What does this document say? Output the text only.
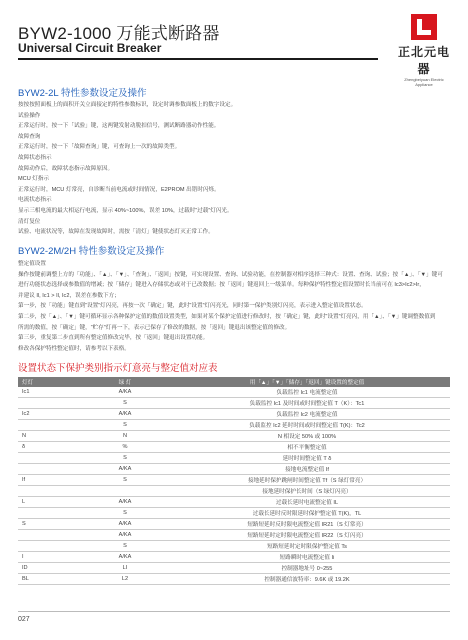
BYW2-1000 万能式断路器
Universal Circuit Breaker	正北元电器
Zhengbeiyuan Electric Appliance
BYW2-2L 特性参数设定及操作

按按按照面板上的面积开关立面接定的特性参数标识，设定时调参数面板上的数字设定。

试验操作

正常运行时，按一下「试验」键，这两键发射动脱扣信号，测试断路器动作性能。

故障查询

正常运行时，按一下「故障查询」键，可查询上一次的故障类型。

故障状态指示

故障动作后，故障状态指示故障原因。

MCU 灯指示

正常运行时，MCU 灯常亮，自诊断当前电流或时间情况，E2PROM 出错时闪烁。

电流状态指示

显示三相电流的最大相运行电流，显示 40%~100%，误差 10%，过载时“过载”灯闪光。

清灯复位

试验、电流状况等，故障在发现故障时，需按「清灯」键使状态灯灭正常工作。

BYW2-2M/2H 特性参数设定及操作

整定值设置

操作按键前调整上方的「功能」、「▲」、「▼」、「查询」、「返回」按键，可实现设置、查询、试验功能，在控制器对相序选择三种式：设置、查询、试验；按「▲」、「▼」键可

进行功能状态选择或参数值的增减；按「储存」键进入存储状态或对于已改数据；按「返回」键返回上一级菜单。每种保护特性整定值设置时长当前可在 Ic3>Ic2>Ir，

并建议 Il, Ic1 > Il, Ic2，误差在参数下方；

第一步，按「功能」键直到“设置”灯闪亮，再按一次「确定」键，此时“设置”灯闪亮光，同时第一保护类别灯闪亮，表示进入整定值设置状态。

第二步，按「▲」、「▼」键可循环显示各种保护定值的数值设置类型，如果对某个保护定值进行修改时，按「确定」键，此时“设置”灯亮闪，用「▲」、「▼」键调整数值到

所需的数值，按「确定」键，“贮存”灯再一下，表示已保存了修改的数据，按「返回」键退出该整定值的修改。

第三步，重复第二步直到所有整定值修改完毕，按「返回」键退出设置功能。

修改各保护特性整定值时，请参考以下表格。

设置状态下保护类别指示灯意亮与整定值对应表
灯灯	绿 灯	用「▲」「▼」「储存」「返回」键设置的整定值
Ic1	A/KA	负载监控 Ic1 电流整定值
	S	负载监控 Ic1 及时间或时间整定值 T（K）：Tc1
Ic2	A/KA	负载监控 Ic2 电流整定值
	S	负载监控 Ic2 延时时间或时间整定值 T(K)：Tc2
N	N	N 相设定 50% 或 100%
δ	%	相不平衡整定值
	S	延时时间整定值 T δ
	A/KA	接地电流整定值 If
If	S	接地延时保护跳闸时间整定值 Tf（S 绿灯常亮）
		接地延时保护长时间（S 绿灯闪亮）
L	A/KA	过载长延时电流整定值 IL
	S	过载长延时反时限延时保护整定值 T(K)，TL
S	A/KA	短路短延时反时限电流整定值 IR21（S 灯常亮）
	A/KA	短路短延时定时限电流整定值 IR22（S 灯闪亮）
	S	短路短延时定时限保护整定值 Ts
I	A/KA	短路瞬时电流整定值 Ii
ID	LI	控制器地址号 0~255
BL	L2	控制器通信波特率：9.6K 或 19.2K
027
